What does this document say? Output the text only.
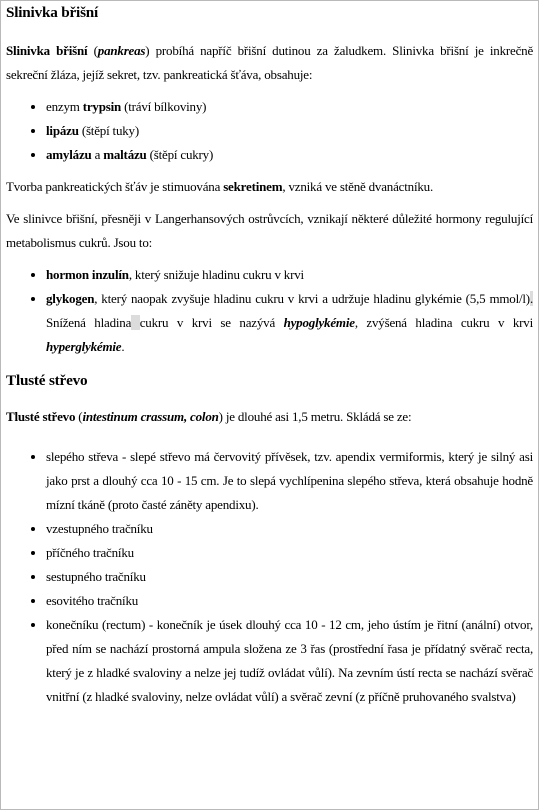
Slinivka břišní

Slinivka břišní (pankreas) probíhá napříč břišní dutinou za žaludkem. Slinivka břišní je inkrečně sekreční žláza, jejíž sekret, tzv. pankreatická šťáva, obsahuje:

• enzym trypsin (tráví bílkoviny)
• lipázu (štěpí tuky)
• amylázu a maltázu (štěpí cukry)

Tvorba pankreatických šťáv je stimuována sekretinem, vzniká ve stěně dvanáctníku.

Ve slinivce břišní, přesněji v Langerhansových ostrůvcích, vznikají některé důležité hormony regulující metabolismus cukrů. Jsou to:

• hormon inzulín, který snižuje hladinu cukru v krvi
• glykogen, který naopak zvyšuje hladinu cukru v krvi a udržuje hladinu glykémie (5,5 mmol/l). Snížená hladina cukru v krvi se nazývá hypoglykémie, zvýšená hladina cukru v krvi hyperglykémie.
Tlusté střevo

Tlusté střevo (intestinum crassum, colon) je dlouhé asi 1,5 metru. Skládá se ze:

• slepého střeva - slepé střevo má červovitý přívěsek, tzv. apendix vermiformis, který je silný asi jako prst a dlouhý cca 10 - 15 cm. Je to slepá vychlípenina slepého střeva, která obsahuje hodně mízní tkáně (proto časté záněty apendixu).
• vzestupného tračníku
• příčného tračníku
• sestupného tračníku
• esovitého tračníku
• konečníku (rectum) - konečník je úsek dlouhý cca 10 - 12 cm, jeho ústím je řitní (anální) otvor, před ním se nachází prostorná ampula složena ze 3 řas (prostřední řasa je přídatný svěrač recta, který je z hladké svaloviny a nelze jej tudíž ovládat vůlí). Na zevním ústí recta se nachází svěrač vnitřní (z hladké svaloviny, nelze ovládat vůlí) a svěrač zevní (z příčně pruhovaného svalstva)
